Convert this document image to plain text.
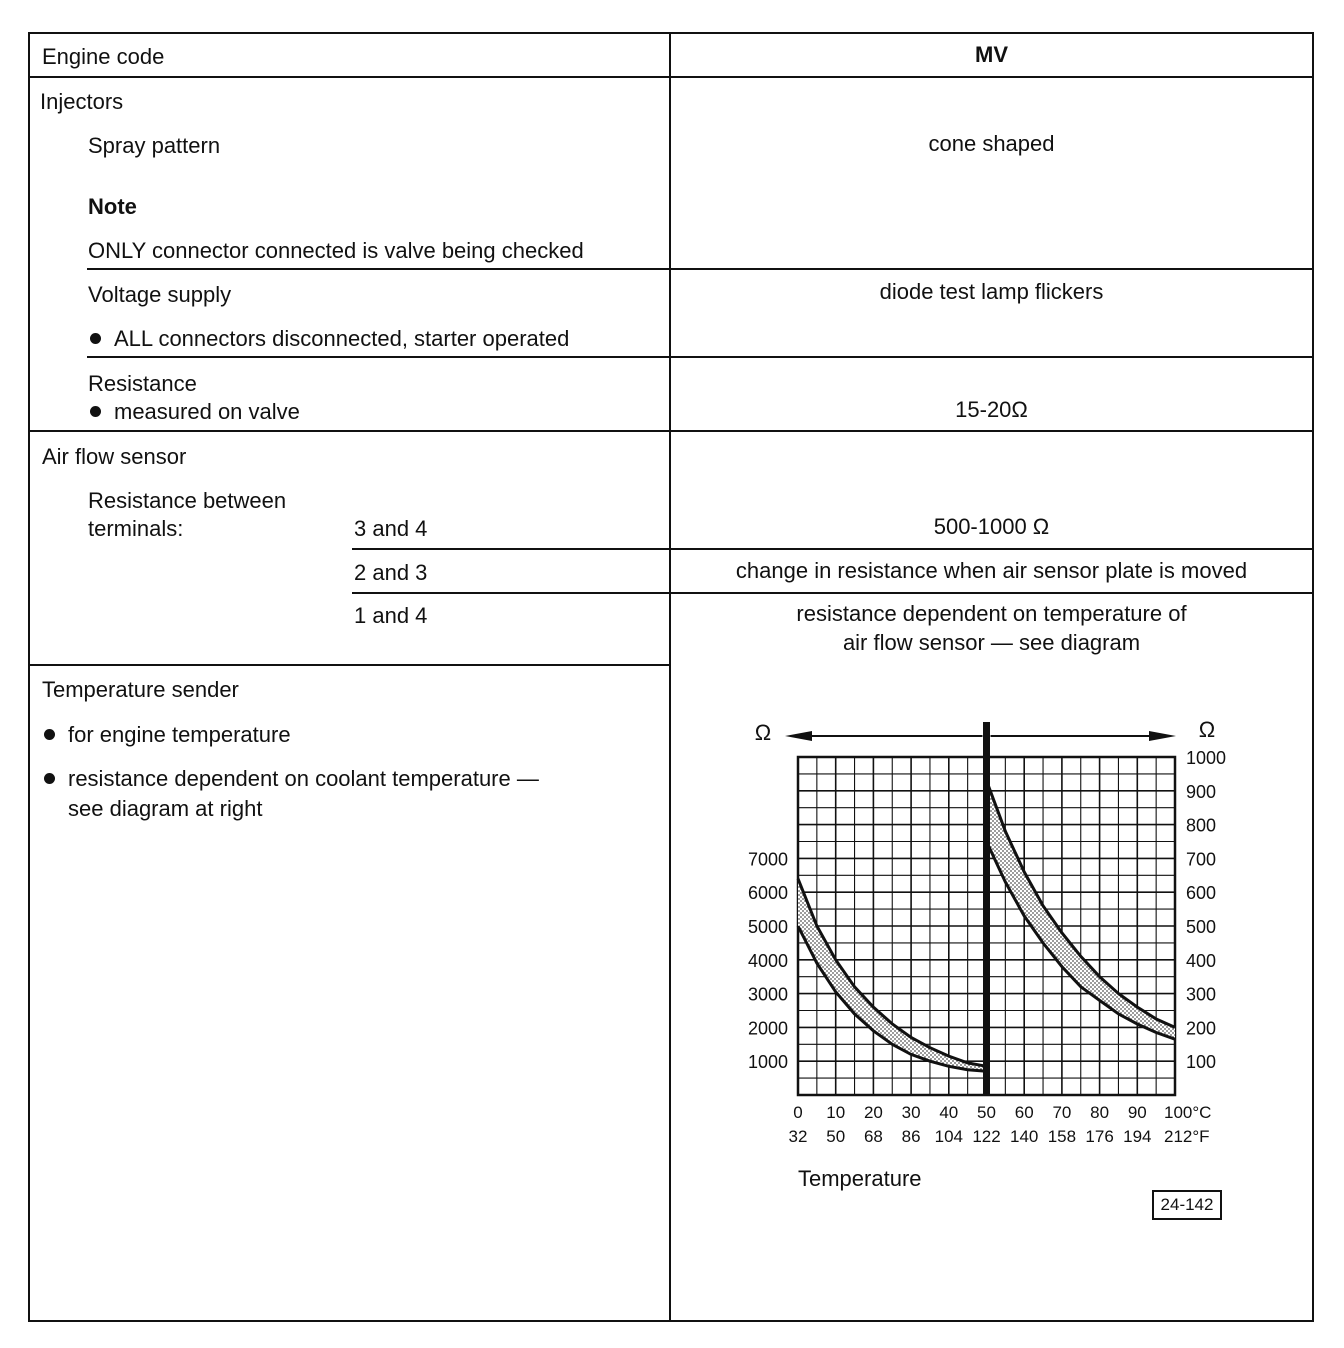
Engine code	MV
Injectors
Spray pattern	cone shaped
Note
ONLY connector connected is valve being checked
Voltage supply	diode test lamp flickers
ALL connectors disconnected, starter operated
Resistance
measured on valve	15-20Ω
Air flow sensor
Resistance between
terminals:	3 and 4	500-1000 Ω
2 and 3	change in resistance when air sensor plate is moved
1 and 4	resistance dependent on temperature of
air flow sensor — see diagram
Temperature sender
for engine temperature
resistance dependent on coolant temperature —
see diagram at right
Ω	Ω
7000
6000
5000
4000
3000
2000
1000
1000
900
800
700
600
500
400
300
200
100
0 10 20 30 40 50 60 70 80 90 100°C
32 50 68 86 104 122 140 158 176 194 212°F
Temperature
24-142
